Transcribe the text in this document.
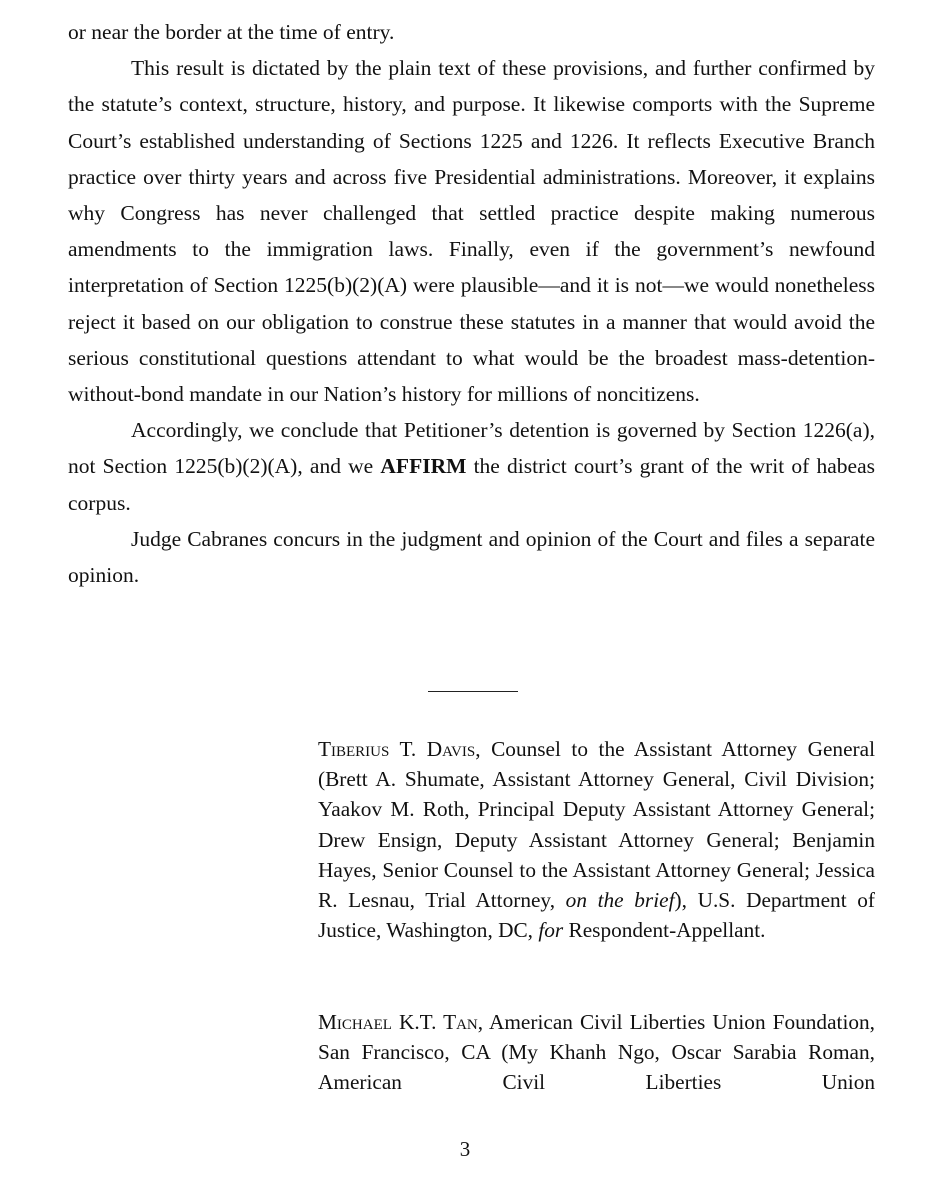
or near the border at the time of entry.

This result is dictated by the plain text of these provisions, and further confirmed by the statute’s context, structure, history, and purpose. It likewise comports with the Supreme Court’s established understanding of Sections 1225 and 1226. It reflects Executive Branch practice over thirty years and across five Presidential administrations. Moreover, it explains why Congress has never challenged that settled practice despite making numerous amendments to the immigration laws. Finally, even if the government’s newfound interpretation of Section 1225(b)(2)(A) were plausible—and it is not—we would nonetheless reject it based on our obligation to construe these statutes in a manner that would avoid the serious constitutional questions attendant to what would be the broadest mass-detention-without-bond mandate in our Nation’s history for millions of noncitizens.

Accordingly, we conclude that Petitioner’s detention is governed by Section 1226(a), not Section 1225(b)(2)(A), and we AFFIRM the district court’s grant of the writ of habeas corpus.

Judge Cabranes concurs in the judgment and opinion of the Court and files a separate opinion.

Tiberius T. Davis, Counsel to the Assistant Attorney General (Brett A. Shumate, Assistant Attorney General, Civil Division; Yaakov M. Roth, Principal Deputy Assistant Attorney General; Drew Ensign, Deputy Assistant Attorney General; Benjamin Hayes, Senior Counsel to the Assistant Attorney General; Jessica R. Lesnau, Trial Attorney, on the brief), U.S. Department of Justice, Washington, DC, for Respondent-Appellant.

Michael K.T. Tan, American Civil Liberties Union Foundation, San Francisco, CA (My Khanh Ngo, Oscar Sarabia Roman, American Civil Liberties Union

3
